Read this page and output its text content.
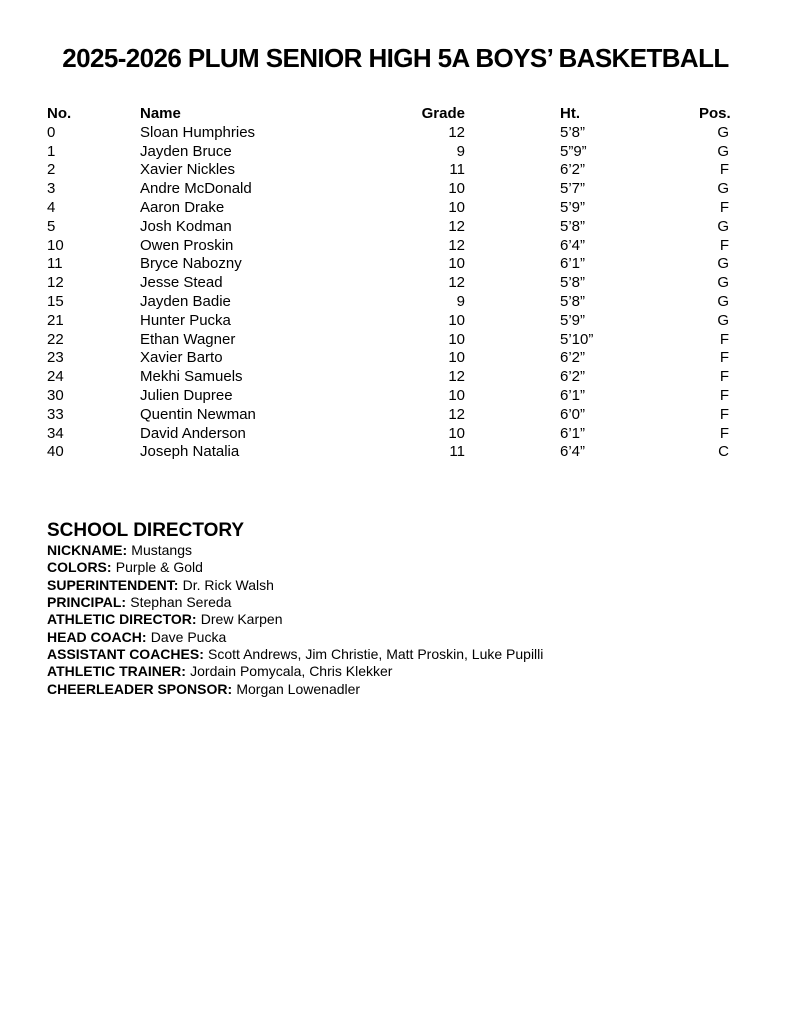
2025-2026 PLUM SENIOR HIGH 5A BOYS’ BASKETBALL
No.	Name	Grade	Ht.	Pos.
0	Sloan Humphries	12	5’8”	G
1	Jayden Bruce	9	5”9”	G
2	Xavier Nickles	11	6’2”	F
3	Andre McDonald	10	5’7”	G
4	Aaron Drake	10	5’9”	F
5	Josh Kodman	12	5’8”	G
10	Owen Proskin	12	6’4”	F
11	Bryce Nabozny	10	6’1”	G
12	Jesse Stead	12	5’8”	G
15	Jayden Badie	9	5’8”	G
21	Hunter Pucka	10	5’9”	G
22	Ethan Wagner	10	5’10”	F
23	Xavier Barto	10	6’2”	F
24	Mekhi Samuels	12	6’2”	F
30	Julien Dupree	10	6’1”	F
33	Quentin Newman	12	6’0”	F
34	David Anderson	10	6’1”	F
40	Joseph Natalia	11	6’4”	C
SCHOOL DIRECTORY
NICKNAME: Mustangs
COLORS: Purple & Gold
SUPERINTENDENT: Dr. Rick Walsh
PRINCIPAL: Stephan Sereda
ATHLETIC DIRECTOR: Drew Karpen
HEAD COACH: Dave Pucka
ASSISTANT COACHES: Scott Andrews, Jim Christie, Matt Proskin, Luke Pupilli
ATHLETIC TRAINER: Jordain Pomycala, Chris Klekker
CHEERLEADER SPONSOR: Morgan Lowenadler
